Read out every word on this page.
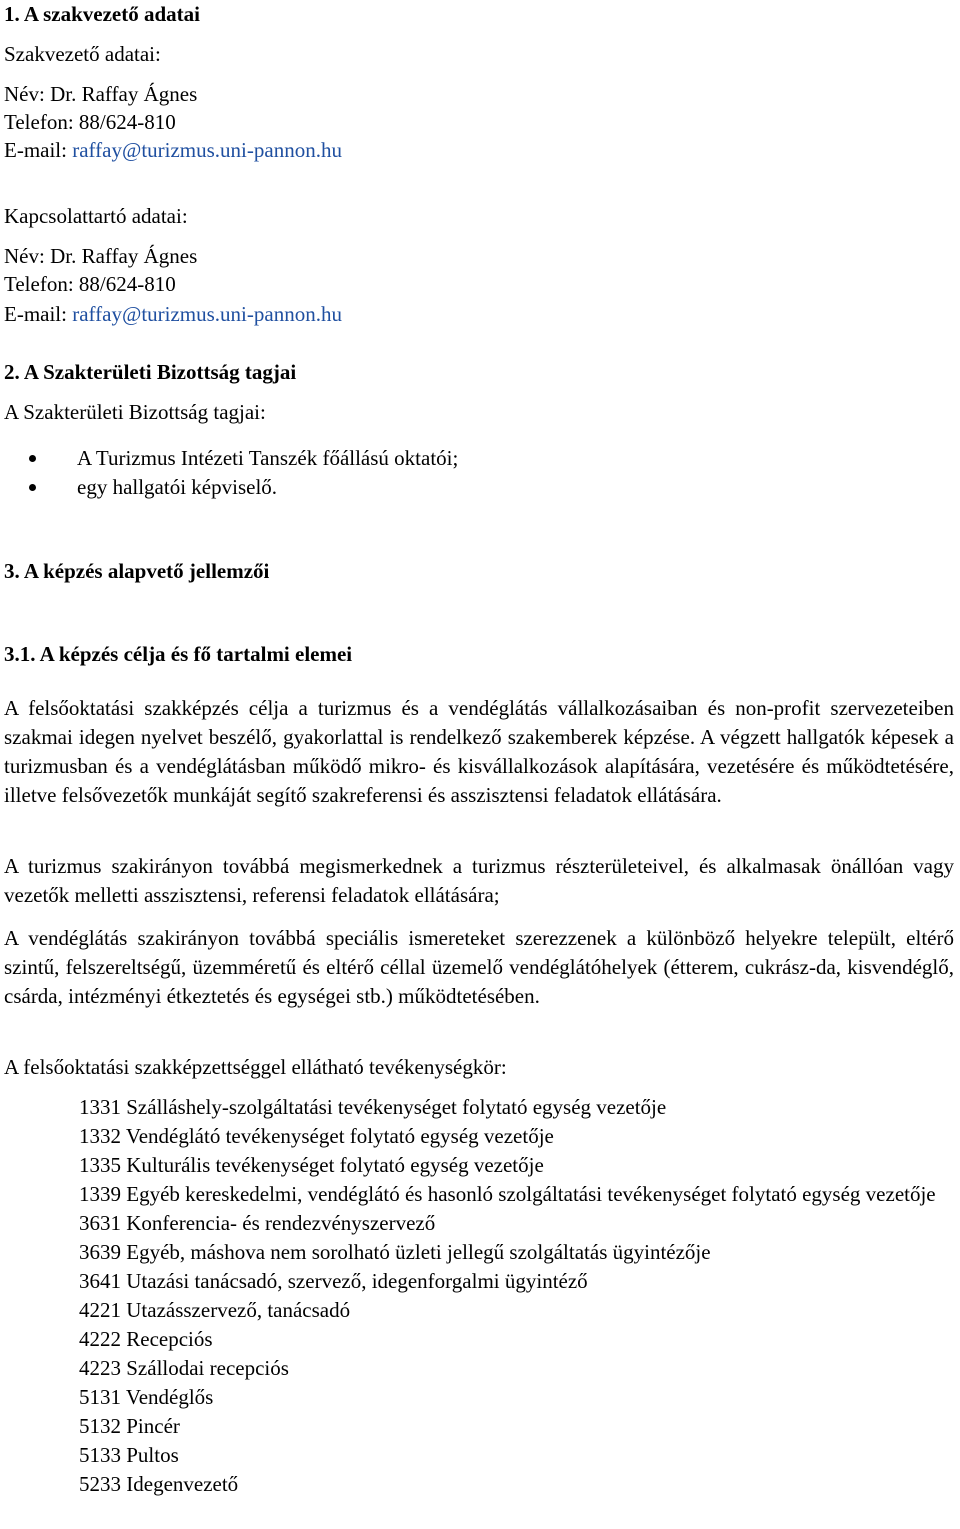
1. A szakvezető adatai
Szakvezető adatai:
Név: Dr. Raffay Ágnes
Telefon: 88/624-810
E-mail: raffay@turizmus.uni-pannon.hu
Kapcsolattartó adatai:
Név: Dr. Raffay Ágnes
Telefon: 88/624-810
E-mail: raffay@turizmus.uni-pannon.hu
2. A Szakterületi Bizottság tagjai
A Szakterületi Bizottság tagjai:
A Turizmus Intézeti Tanszék főállású oktatói;
egy hallgatói képviselő.
3. A képzés alapvető jellemzői
3.1. A képzés célja és fő tartalmi elemei
A felsőoktatási szakképzés célja a turizmus és a vendéglátás vállalkozásaiban és non-profit szervezeteiben szakmai idegen nyelvet beszélő, gyakorlattal is rendelkező szakemberek képzése. A végzett hallgatók képesek a turizmusban és a vendéglátásban működő mikro- és kisvállalkozások alapítására, vezetésére és működtetésére, illetve felsővezetők munkáját segítő szakreferensi és asszisztensi feladatok ellátására.
A turizmus szakirányon továbbá megismerkednek a turizmus részterületeivel, és alkalmasak önállóan vagy vezetők melletti asszisztensi, referensi feladatok ellátására;
A vendéglátás szakirányon továbbá speciális ismereteket szerezzenek a különböző helyekre települt, eltérő szintű, felszereltségű, üzemméretű és eltérő céllal üzemelő vendéglátóhelyek (étterem, cukrász-da, kisvendéglő, csárda, intézményi étkeztetés és egységei stb.) működtetésében.
A felsőoktatási szakképzettséggel ellátható tevékenységkör:
1331 Szálláshely-szolgáltatási tevékenységet folytató egység vezetője
1332 Vendéglátó tevékenységet folytató egység vezetője
1335 Kulturális tevékenységet folytató egység vezetője
1339 Egyéb kereskedelmi, vendéglátó és hasonló szolgáltatási tevékenységet folytató egység vezetője
3631 Konferencia- és rendezvényszervező
3639 Egyéb, máshova nem sorolható üzleti jellegű szolgáltatás ügyintézője
3641 Utazási tanácsadó, szervező, idegenforgalmi ügyintéző
4221 Utazásszervező, tanácsadó
4222 Recepciós
4223 Szállodai recepciós
5131 Vendéglős
5132 Pincér
5133 Pultos
5233 Idegenvezető
